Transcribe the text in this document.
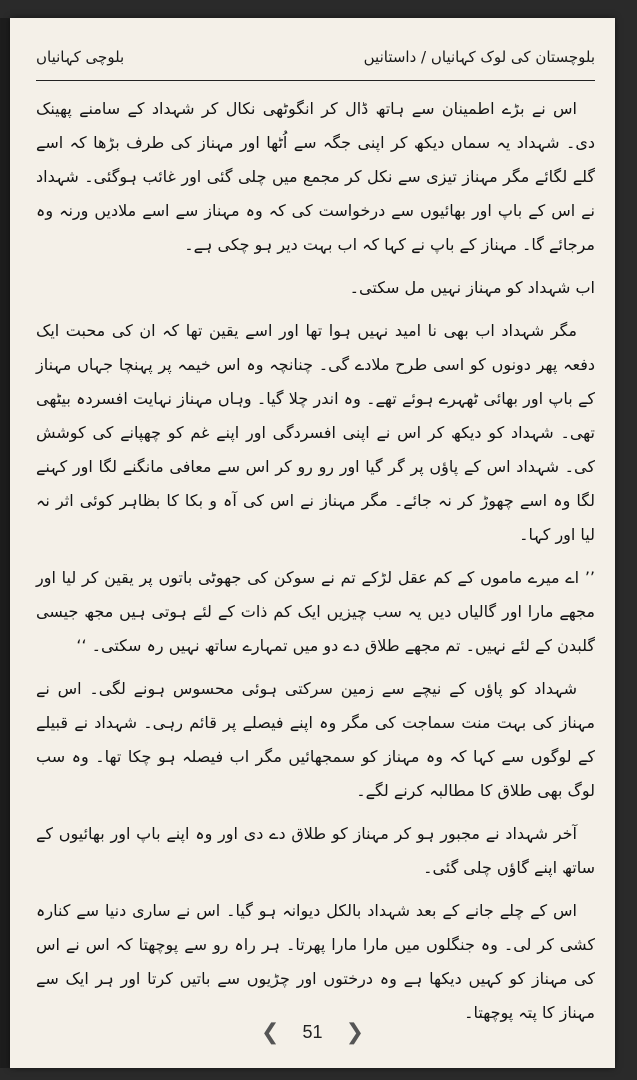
بلوچستان کی لوک کہانیاں / داستانیں
بلوچی کہانیاں

اس نے بڑے اطمینان سے ہاتھ ڈال کر انگوٹھی نکال کر شہداد کے سامنے پھینک دی۔ شہداد یہ سماں دیکھ کر اپنی جگہ سے اُٹھا اور مہناز کی طرف بڑھا کہ اسے گلے لگائے مگر مہناز تیزی سے نکل کر مجمع میں چلی گئی اور غائب ہوگئی۔ شہداد نے اس کے باپ اور بھائیوں سے درخواست کی کہ وہ مہناز سے اسے ملادیں ورنہ وہ مرجائے گا۔ مہناز کے باپ نے کہا کہ اب بہت دیر ہو چکی ہے۔

اب شہداد کو مہناز نہیں مل سکتی۔

مگر شہداد اب بھی نا امید نہیں ہوا تھا اور اسے یقین تھا کہ ان کی محبت ایک دفعہ پھر دونوں کو اسی طرح ملادے گی۔ چنانچہ وہ اس خیمہ پر پہنچا جہاں مہناز کے باپ اور بھائی ٹھہرے ہوئے تھے۔ وہ اندر چلا گیا۔ وہاں مہناز نہایت افسردہ بیٹھی تھی۔ شہداد کو دیکھ کر اس نے اپنی افسردگی اور اپنے غم کو چھپانے کی کوشش کی۔ شہداد اس کے پاؤں پر گر گیا اور رو رو کر اس سے معافی مانگنے لگا اور کہنے لگا وہ اسے چھوڑ کر نہ جائے۔ مگر مہناز نے اس کی آہ و بکا کا بظاہر کوئی اثر نہ لیا اور کہا۔

’’ اے میرے ماموں کے کم عقل لڑکے تم نے سوکن کی جھوٹی باتوں پر یقین کر لیا اور مجھے مارا اور گالیاں دیں یہ سب چیزیں ایک کم ذات کے لئے ہوتی ہیں مجھ جیسی گلبدن کے لئے نہیں۔ تم مجھے طلاق دے دو میں تمہارے ساتھ نہیں رہ سکتی۔ ‘‘

شہداد کو پاؤں کے نیچے سے زمین سرکتی ہوئی محسوس ہونے لگی۔ اس نے مہناز کی بہت منت سماجت کی مگر وہ اپنے فیصلے پر قائم رہی۔ شہداد نے قبیلے کے لوگوں سے کہا کہ وہ مہناز کو سمجھائیں مگر اب فیصلہ ہو چکا تھا۔ وہ سب لوگ بھی طلاق کا مطالبہ کرنے لگے۔

آخر شہداد نے مجبور ہو کر مہناز کو طلاق دے دی اور وہ اپنے باپ اور بھائیوں کے ساتھ اپنے گاؤں چلی گئی۔

اس کے چلے جانے کے بعد شہداد بالکل دیوانہ ہو گیا۔ اس نے ساری دنیا سے کنارہ کشی کر لی۔ وہ جنگلوں میں مارا مارا پھرتا۔ ہر راہ رو سے پوچھتا کہ اس نے اس کی مہناز کو کہیں دیکھا ہے وہ درختوں اور چڑیوں سے باتیں کرتا اور ہر ایک سے مہناز کا پتہ پوچھتا۔

❮ 51 ❯
